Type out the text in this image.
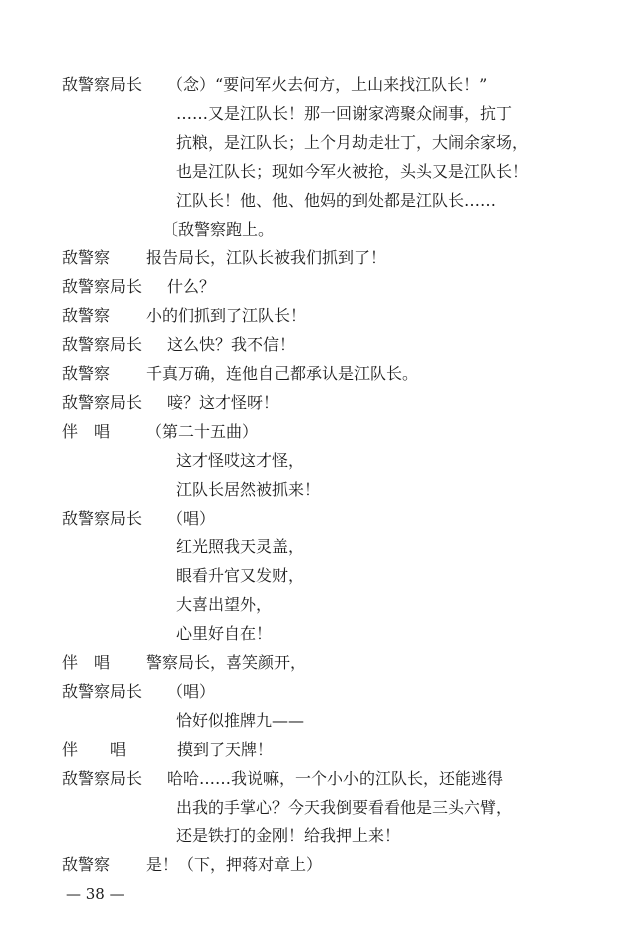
敌警察局长 （念）“要问军火去何方，上山来找江队长！”
……又是江队长！那一回谢家湾聚众闹事，抗丁
抗粮，是江队长；上个月劫走壮丁，大闹余家场，
也是江队长；现如今军火被抢，头头又是江队长！
江队长！他、他、他妈的到处都是江队长……
〔敌警察跑上。
敌警察 报告局长，江队长被我们抓到了！
敌警察局长 什么？
敌警察 小的们抓到了江队长！
敌警察局长 这么快？我不信！
敌警察 千真万确，连他自己都承认是江队长。
敌警察局长 唼？这才怪呀！
伴　唱 （第二十五曲）
这才怪哎这才怪，
江队长居然被抓来！
敌警察局长 （唱）
红光照我天灵盖，
眼看升官又发财，
大喜出望外，
心里好自在！
伴　唱 警察局长，喜笑颜开，
敌警察局长 （唱）
恰好似推牌九——
伴　　唱	摸到了天牌！
敌警察局长 哈哈……我说嘛，一个小小的江队长，还能逃得
出我的手掌心？今天我倒要看看他是三头六臂，
还是铁打的金刚！给我押上来！
敌警察 是！（下，押蒋对章上）
— 38 —
